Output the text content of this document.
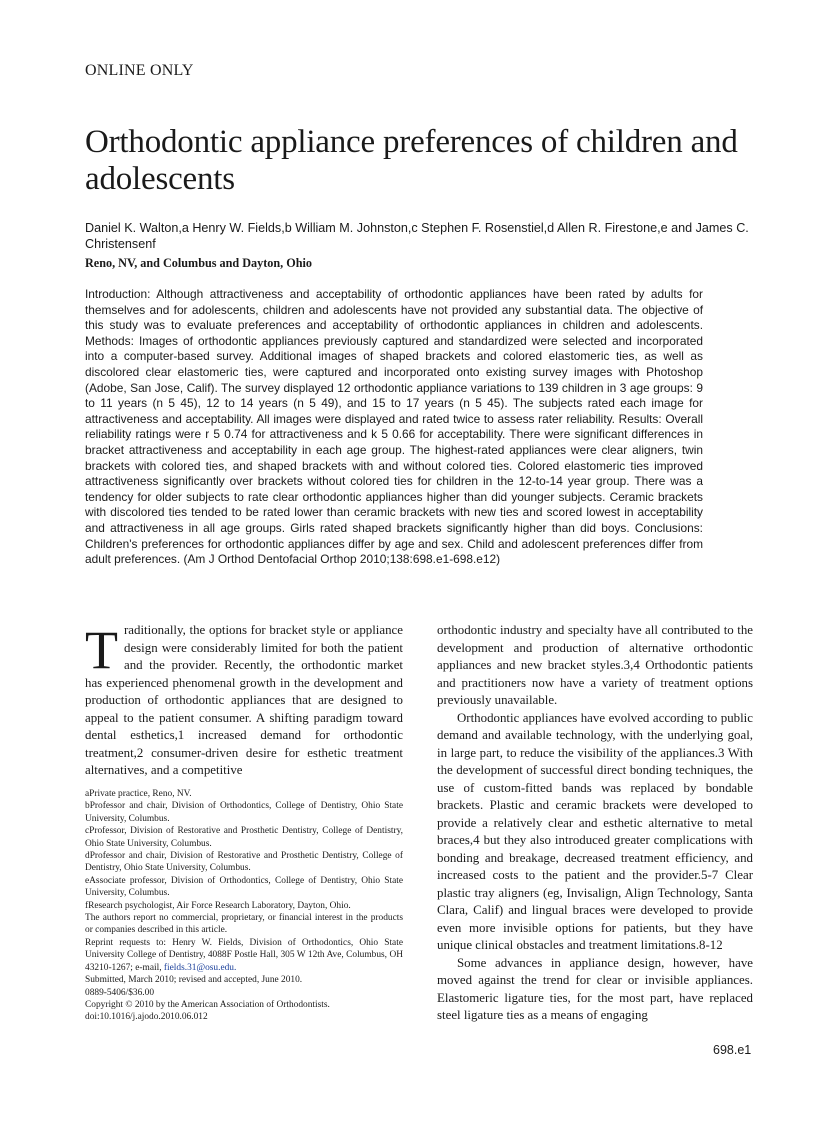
ONLINE ONLY
Orthodontic appliance preferences of children and adolescents
Daniel K. Walton,a Henry W. Fields,b William M. Johnston,c Stephen F. Rosenstiel,d Allen R. Firestone,e and James C. Christensenf
Reno, NV, and Columbus and Dayton, Ohio
Introduction: Although attractiveness and acceptability of orthodontic appliances have been rated by adults for themselves and for adolescents, children and adolescents have not provided any substantial data. The objective of this study was to evaluate preferences and acceptability of orthodontic appliances in children and adolescents. Methods: Images of orthodontic appliances previously captured and standardized were selected and incorporated into a computer-based survey. Additional images of shaped brackets and colored elastomeric ties, as well as discolored clear elastomeric ties, were captured and incorporated onto existing survey images with Photoshop (Adobe, San Jose, Calif). The survey displayed 12 orthodontic appliance variations to 139 children in 3 age groups: 9 to 11 years (n 5 45), 12 to 14 years (n 5 49), and 15 to 17 years (n 5 45). The subjects rated each image for attractiveness and acceptability. All images were displayed and rated twice to assess rater reliability. Results: Overall reliability ratings were r 5 0.74 for attractiveness and k 5 0.66 for acceptability. There were significant differences in bracket attractiveness and acceptability in each age group. The highest-rated appliances were clear aligners, twin brackets with colored ties, and shaped brackets with and without colored ties. Colored elastomeric ties improved attractiveness significantly over brackets without colored ties for children in the 12-to-14 year group. There was a tendency for older subjects to rate clear orthodontic appliances higher than did younger subjects. Ceramic brackets with discolored ties tended to be rated lower than ceramic brackets with new ties and scored lowest in acceptability and attractiveness in all age groups. Girls rated shaped brackets significantly higher than did boys. Conclusions: Children's preferences for orthodontic appliances differ by age and sex. Child and adolescent preferences differ from adult preferences. (Am J Orthod Dentofacial Orthop 2010;138:698.e1-698.e12)
T raditionally, the options for bracket style or appliance design were considerably limited for both the patient and the provider. Recently, the orthodontic market has experienced phenomenal growth in the development and production of orthodontic appliances that are designed to appeal to the patient consumer. A shifting paradigm toward dental esthetics,1 increased demand for orthodontic treatment,2 consumer-driven desire for esthetic treatment alternatives, and a competitive

aPrivate practice, Reno, NV.
bProfessor and chair, Division of Orthodontics, College of Dentistry, Ohio State University, Columbus.
cProfessor, Division of Restorative and Prosthetic Dentistry, College of Dentistry, Ohio State University, Columbus.
dProfessor and chair, Division of Restorative and Prosthetic Dentistry, College of Dentistry, Ohio State University, Columbus.
eAssociate professor, Division of Orthodontics, College of Dentistry, Ohio State University, Columbus.
fResearch psychologist, Air Force Research Laboratory, Dayton, Ohio.
The authors report no commercial, proprietary, or financial interest in the products or companies described in this article.
Reprint requests to: Henry W. Fields, Division of Orthodontics, Ohio State University College of Dentistry, 4088F Postle Hall, 305 W 12th Ave, Columbus, OH 43210-1267; e-mail, fields.31@osu.edu.
Submitted, March 2010; revised and accepted, June 2010.
0889-5406/$36.00
Copyright © 2010 by the American Association of Orthodontists.
doi:10.1016/j.ajodo.2010.06.012

orthodontic industry and specialty have all contributed to the development and production of alternative orthodontic appliances and new bracket styles.3,4 Orthodontic patients and practitioners now have a variety of treatment options previously unavailable.

Orthodontic appliances have evolved according to public demand and available technology, with the underlying goal, in large part, to reduce the visibility of the appliances.3 With the development of successful direct bonding techniques, the use of custom-fitted bands was replaced by bondable brackets. Plastic and ceramic brackets were developed to provide a relatively clear and esthetic alternative to metal braces,4 but they also introduced greater complications with bonding and breakage, decreased treatment efficiency, and increased costs to the patient and the provider.5-7 Clear plastic tray aligners (eg, Invisalign, Align Technology, Santa Clara, Calif) and lingual braces were developed to provide even more invisible options for patients, but they have unique clinical obstacles and treatment limitations.8-12

Some advances in appliance design, however, have moved against the trend for clear or invisible appliances. Elastomeric ligature ties, for the most part, have replaced steel ligature ties as a means of engaging

698.e1
